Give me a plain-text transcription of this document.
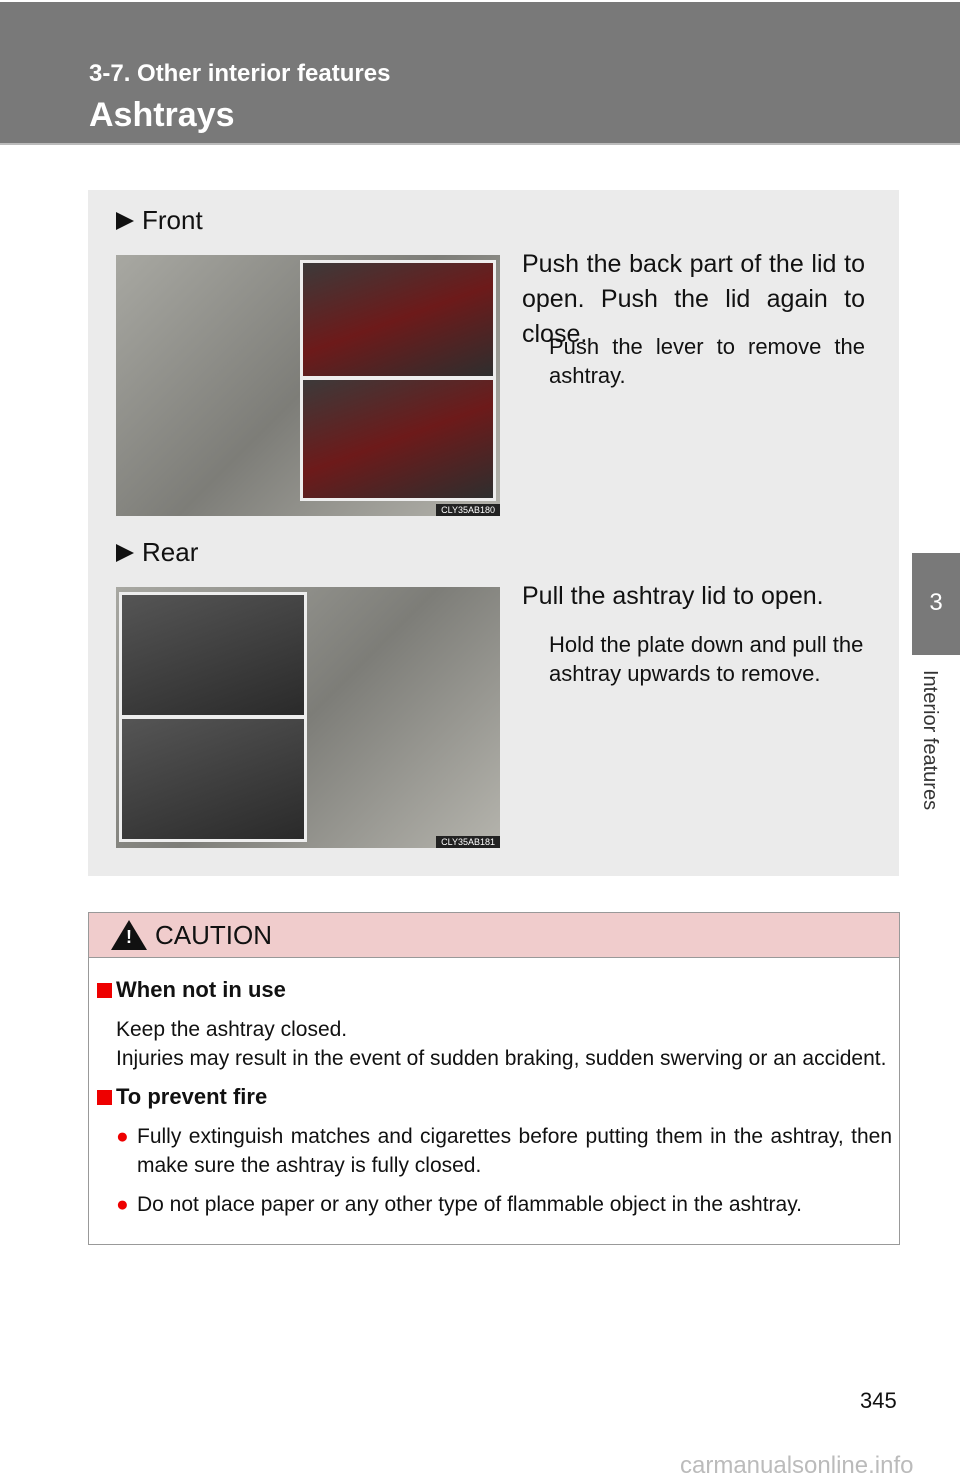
3-7. Other interior features
Ashtrays
Front
CLY35AB180
Push the back part of the lid to open. Push the lid again to close.
Push the lever to remove the ashtray.
Rear
CLY35AB181
Pull the ashtray lid to open.
Hold the plate down and pull the ashtray upwards to remove.
! CAUTION
When not in use
Keep the ashtray closed.
Injuries may result in the event of sudden braking, sudden swerving or an accident.
To prevent fire
● Fully extinguish matches and cigarettes before putting them in the ashtray, then make sure the ashtray is fully closed.
● Do not place paper or any other type of flammable object in the ashtray.
3
Interior features
345
carmanualsonline.info
